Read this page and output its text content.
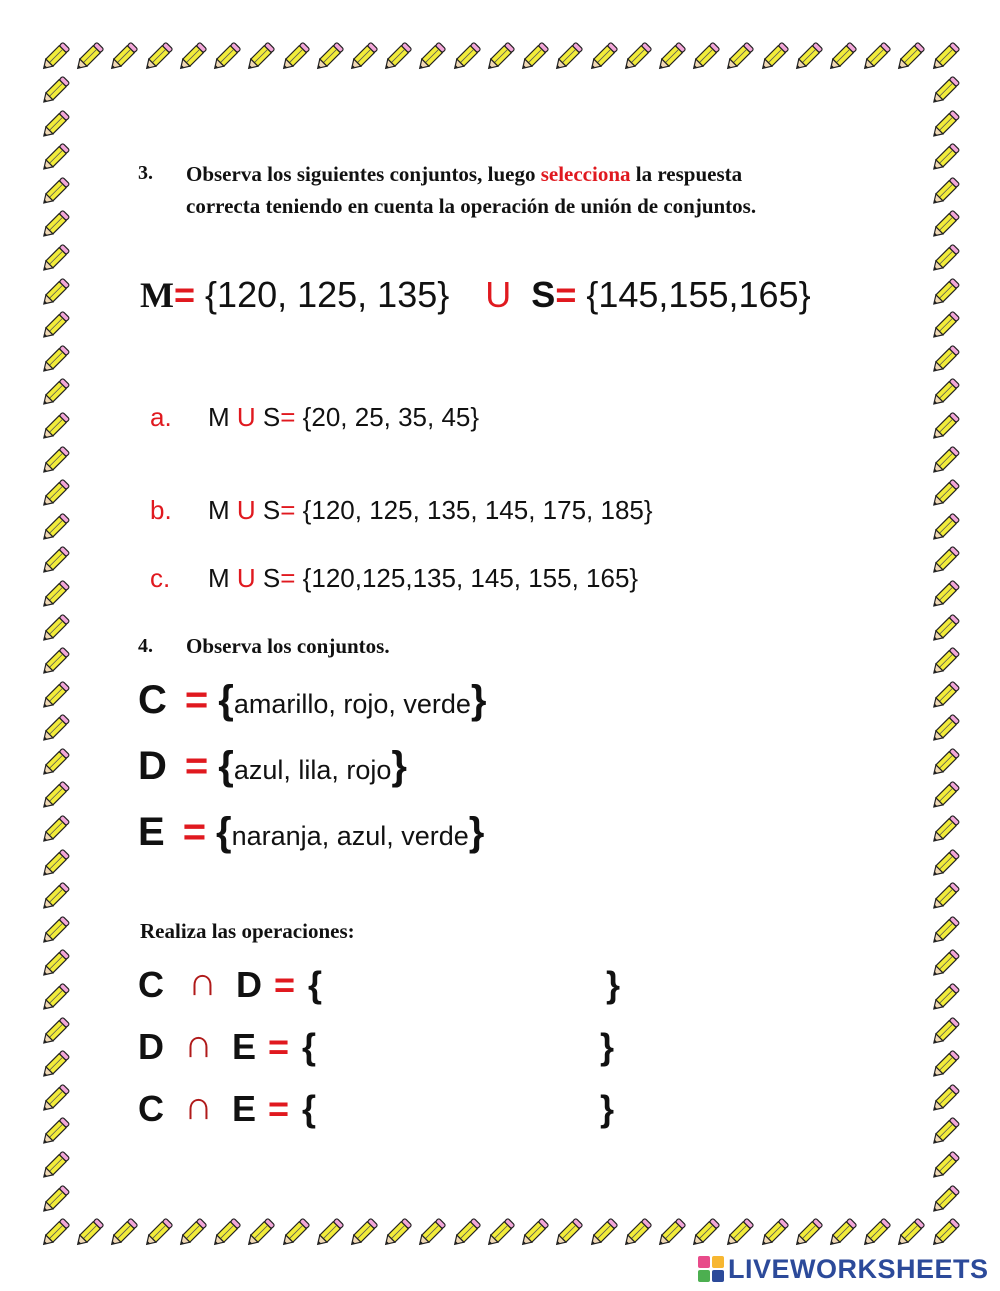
3. Observa los siguientes conjuntos, luego selecciona la respuesta
correcta teniendo en cuenta la operación de unión de conjuntos.
M= {120, 125, 135} U S= {145,155,165}
a. M U S= {20, 25, 35, 45}
b. M U S= {120, 125, 135, 145, 175, 185}
c. M U S= {120,125,135, 145, 155, 165}
4. Observa los conjuntos.
C = {amarillo, rojo, verde}
D = {azul, lila, rojo}
E = {naranja, azul, verde}
Realiza las operaciones:
C ∩ D = {	}
D ∩ E = {	}
C ∩ E = {	}
LIVEWORKSHEETS
